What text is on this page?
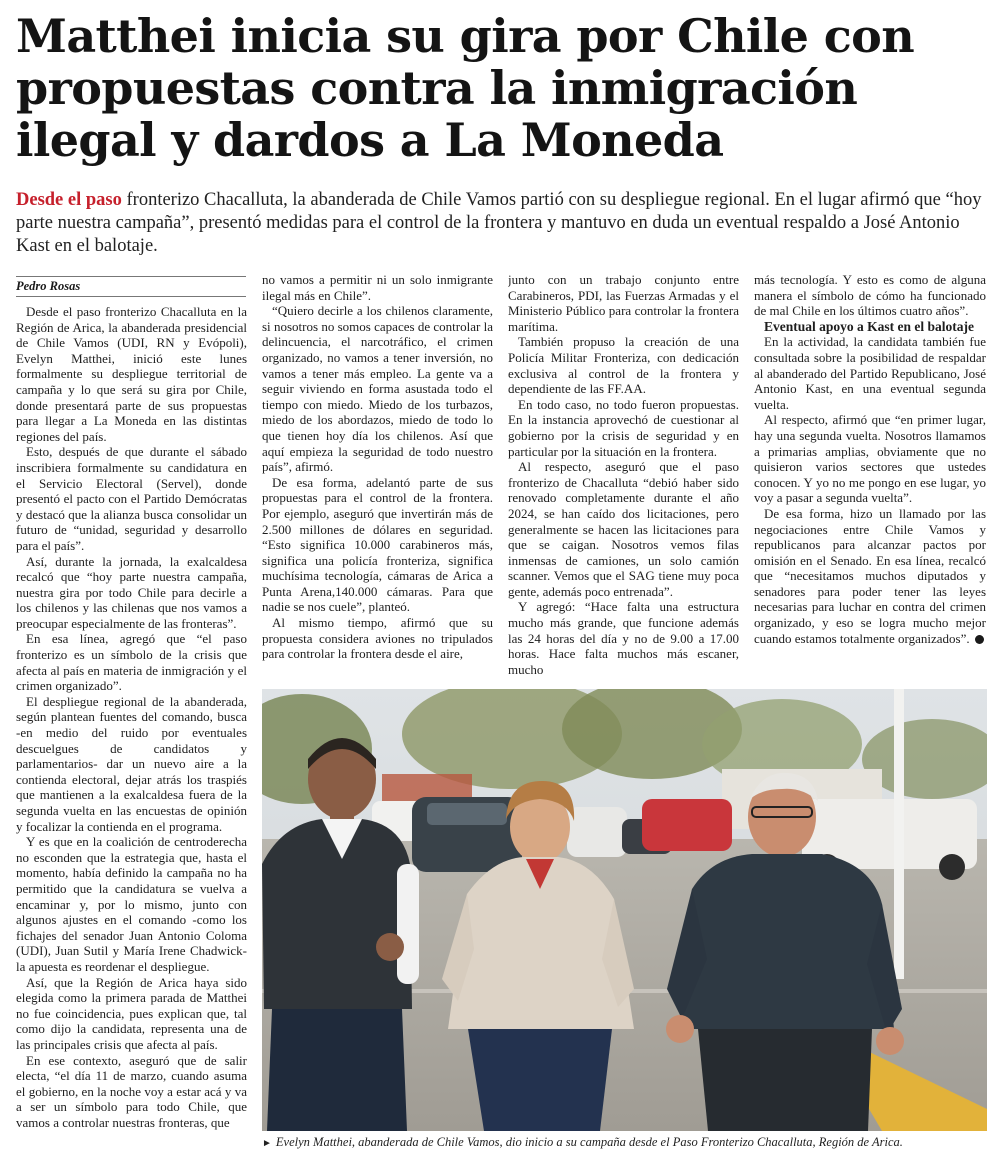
Matthei inicia su gira por Chile con propuestas contra la inmigración ilegal y dardos a La Moneda

Desde el paso fronterizo Chacalluta, la abanderada de Chile Vamos partió con su despliegue regional. En el lugar afirmó que “hoy parte nuestra campaña”, presentó medidas para el control de la frontera y mantuvo en duda un eventual respaldo a José Antonio Kast en el balotaje.

Pedro Rosas

Desde el paso fronterizo Chacalluta en la Región de Arica, la abanderada presidencial de Chile Vamos (UDI, RN y Evópoli), Evelyn Matthei, inició este lunes formalmente su despliegue territorial de campaña y lo que será su gira por Chile, donde presentará parte de sus propuestas para llegar a La Moneda en las distintas regiones del país.

Esto, después de que durante el sábado inscribiera formalmente su candidatura en el Servicio Electoral (Servel), donde presentó el pacto con el Partido Demócratas y destacó que la alianza busca consolidar un futuro de “unidad, seguridad y desarrollo para el país”.

Así, durante la jornada, la exalcaldesa recalcó que “hoy parte nuestra campaña, nuestra gira por todo Chile para decirle a los chilenos y las chilenas que nos vamos a preocupar especialmente de las fronteras”.

En esa línea, agregó que “el paso fronterizo es un símbolo de la crisis que afecta al país en materia de inmigración y el crimen organizado”.

El despliegue regional de la abanderada, según plantean fuentes del comando, busca -en medio del ruido por eventuales descuelgues de candidatos y parlamentarios- dar un nuevo aire a la contienda electoral, dejar atrás los traspiés que mantienen a la exalcaldesa fuera de la segunda vuelta en las encuestas de opinión y focalizar la contienda en el programa.

Y es que en la coalición de centroderecha no esconden que la estrategia que, hasta el momento, había definido la campaña no ha permitido que la candidatura se vuelva a encaminar y, por lo mismo, junto con algunos ajustes en el comando -como los fichajes del senador Juan Antonio Coloma (UDI), Juan Sutil y María Irene Chadwick- la apuesta es reordenar el despliegue.

Así, que la Región de Arica haya sido elegida como la primera parada de Matthei no fue coincidencia, pues explican que, tal como dijo la candidata, representa una de las principales crisis que afecta al país.

En ese contexto, aseguró que de salir electa, “el día 11 de marzo, cuando asuma el gobierno, en la noche voy a estar acá y va a ser un símbolo para todo Chile, que vamos a controlar nuestras fronteras, que

no vamos a permitir ni un solo inmigrante ilegal más en Chile”.

“Quiero decirle a los chilenos claramente, si nosotros no somos capaces de controlar la delincuencia, el narcotráfico, el crimen organizado, no vamos a tener inversión, no vamos a tener más empleo. La gente va a seguir viviendo en forma asustada todo el tiempo con miedo. Miedo de los turbazos, miedo de los abordazos, miedo de todo lo que tienen hoy día los chilenos. Así que aquí empieza la seguridad de todo nuestro país”, afirmó.

De esa forma, adelantó parte de sus propuestas para el control de la frontera. Por ejemplo, aseguró que invertirán más de 2.500 millones de dólares en seguridad. “Esto significa 10.000 carabineros más, significa una policía fronteriza, significa muchísima tecnología, cámaras de Arica a Punta Arena,140.000 cámaras. Para que nadie se nos cuele”, planteó.

Al mismo tiempo, afirmó que su propuesta considera aviones no tripulados para controlar la frontera desde el aire,

junto con un trabajo conjunto entre Carabineros, PDI, las Fuerzas Armadas y el Ministerio Público para controlar la frontera marítima.

También propuso la creación de una Policía Militar Fronteriza, con dedicación exclusiva al control de la frontera y dependiente de las FF.AA.

En todo caso, no todo fueron propuestas. En la instancia aprovechó de cuestionar al gobierno por la crisis de seguridad y en particular por la situación en la frontera.

Al respecto, aseguró que el paso fronterizo de Chacalluta “debió haber sido renovado completamente durante el año 2024, se han caído dos licitaciones, pero generalmente se hacen las licitaciones para que se caigan. Nosotros vemos filas inmensas de camiones, un solo camión scanner. Vemos que el SAG tiene muy poca gente, además poco entrenada”.

Y agregó: “Hace falta una estructura mucho más grande, que funcione además las 24 horas del día y no de 9.00 a 17.00 horas. Hace falta muchos más escaner, mucho

más tecnología. Y esto es como de alguna manera el símbolo de cómo ha funcionado de mal Chile en los últimos cuatro años”.

Eventual apoyo a Kast en el balotaje

En la actividad, la candidata también fue consultada sobre la posibilidad de respaldar al abanderado del Partido Republicano, José Antonio Kast, en una eventual segunda vuelta.

Al respecto, afirmó que “en primer lugar, hay una segunda vuelta. Nosotros llamamos a primarias amplias, obviamente que no quisieron varios sectores que ustedes conocen. Y yo no me pongo en ese lugar, yo voy a pasar a segunda vuelta”.

De esa forma, hizo un llamado por las negociaciones entre Chile Vamos y republicanos para alcanzar pactos por omisión en el Senado. En esa línea, recalcó que “necesitamos muchos diputados y senadores para poder tener las leyes necesarias para luchar en contra del crimen organizado, y eso se logra mucho mejor cuando estamos totalmente organizados”.

► Evelyn Matthei, abanderada de Chile Vamos, dio inicio a su campaña desde el Paso Fronterizo Chacalluta, Región de Arica.
